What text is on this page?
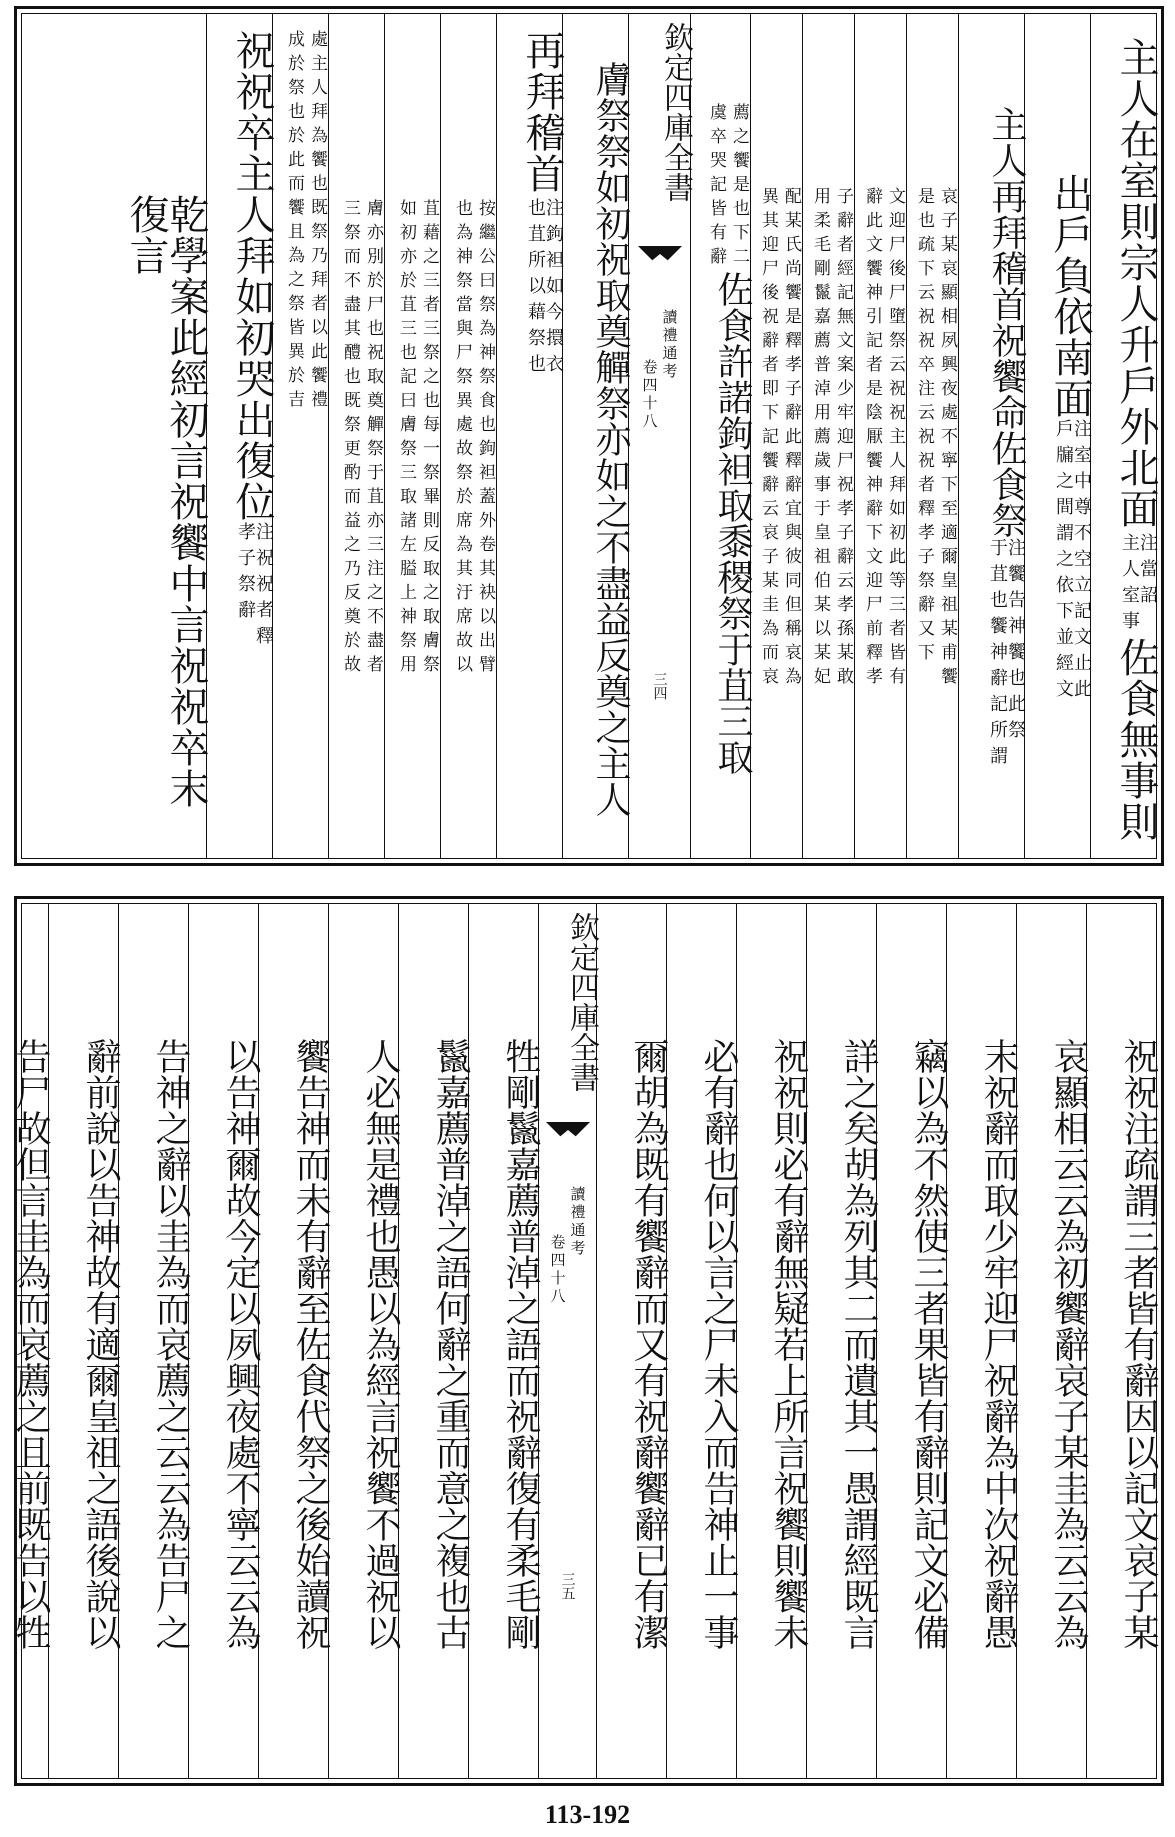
主人在室則宗人升戶外北面
注當詔
主人室事
佐食無事則
出戶負依南面
注室中尊不空立
戶牖之間謂之依
記文止此
下並經文
主人再拜稽首祝饗命佐食祭
注饗告神饗也此祭
于苴也饗神辭記所謂
哀子某哀顯相夙興夜處不寧下至適爾皇祖某甫饗
是也疏下云祝祝卒注云祝祝者釋孝子祭辭又下
文迎尸後尸墮祭云祝祝主人拜如初此等三者皆有
辭此文饗神引記者是陰厭饗神辭下文迎尸前釋孝
子辭者經記無文案少牢迎尸祝孝子辭云孝孫某敢
用柔毛剛鬣嘉薦普淖用薦歲事于皇祖伯某以某妃
配某氏尚饗是釋孝子辭此釋辭宜與彼同但稱哀為
異其迎尸後祝辭者即下記饗辭云哀子某圭為而哀
薦之饗是也下二
虞卒哭記皆有辭
佐食許諾鉤袒取黍稷祭于苴三取
欽定四庫全書
讀禮通考
卷四十八
三四
膚祭祭如初祝取奠觶祭亦如之不盡益反奠之主人
再拜稽首
注鉤袒如今擐衣
也苴所以藉祭也
按繼公曰祭為神祭食也鉤袒蓋外卷其袂以出臂
也為神祭當與尸祭異處故祭於席為其汙席故以
苴藉之三者三祭之也每一祭畢則反取之取膚祭
如初亦於苴三也記曰膚祭三取諸左膉上神祭用
膚亦別於尸也祝取奠觶祭于苴亦三注之不盡者
三祭而不盡其醴也既祭更酌而益之乃反奠於故
處主人拜為饗也既祭乃拜者以此饗禮
成於祭也於此而饗且為之祭皆異於吉
祝祝卒主人拜如初哭出復位
注祝祝者釋
孝子祭辭
乾學案此經初言祝饗中言祝祝卒末復言
祝祝注疏謂三者皆有辭因以記文哀子某
哀顯相云云為初饗辭哀子某圭為云云為
末祝辭而取少牢迎尸祝辭為中次祝辭愚
竊以為不然使三者果皆有辭則記文必備
詳之矣胡為列其二而遺其一愚謂經既言
祝祝則必有辭無疑若上所言祝饗則饗未
必有辭也何以言之尸未入而告神止一事
爾胡為既有饗辭而又有祝辭饗辭已有潔
欽定四庫全書
讀禮通考
卷四十八
三五
牲剛鬣嘉薦普淖之語而祝辭復有柔毛剛
鬣嘉薦普淖之語何辭之重而意之複也古
人必無是禮也愚以為經言祝饗不過祝以
饗告神而未有辭至佐食代祭之後始讀祝
以告神爾故今定以夙興夜處不寧云云為
告神之辭以圭為而哀薦之云云為告尸之
辭前說以告神故有適爾皇祖之語後說以
告尸故但言圭為而哀薦之且前既告以牲
113-192
